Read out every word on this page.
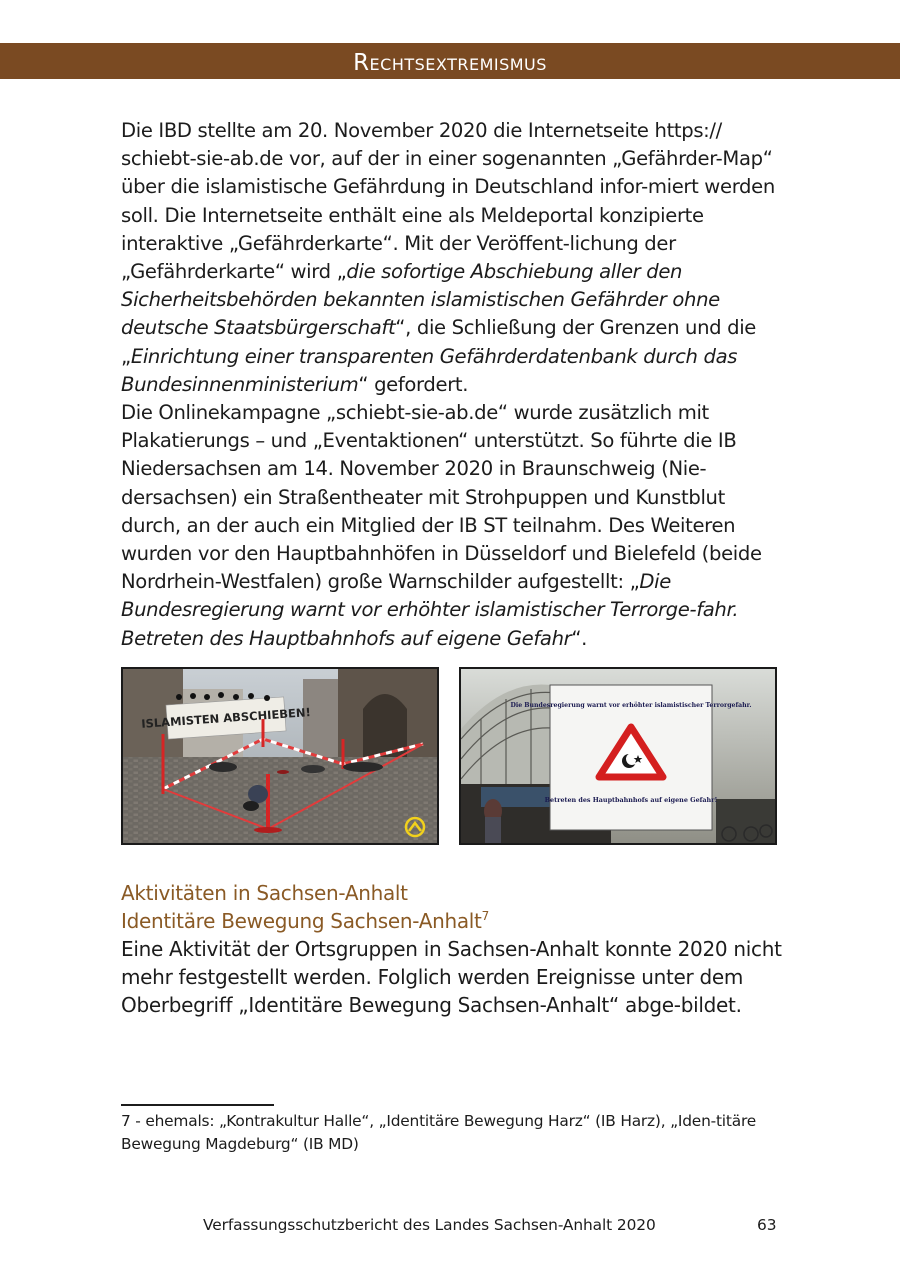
Rechtsextremismus

Die IBD stellte am 20. November 2020 die Internetseite https:// schiebt-sie-ab.de vor, auf der in einer sogenannten „Gefährder-Map“ über die islamistische Gefährdung in Deutschland infor-miert werden soll. Die Internetseite enthält eine als Meldeportal konzipierte interaktive „Gefährderkarte“. Mit der Veröffent-lichung der „Gefährderkarte“ wird „die sofortige Abschiebung aller den Sicherheitsbehörden bekannten islamistischen Gefährder ohne deutsche Staatsbürgerschaft“, die Schließung der Grenzen und die „Einrichtung einer transparenten Gefährderdatenbank durch das Bundesinnenministerium“ gefordert.

Die Onlinekampagne „schiebt-sie-ab.de“ wurde zusätzlich mit Plakatierungs – und „Eventaktionen“ unterstützt. So führte die IB Niedersachsen am 14. November 2020 in Braunschweig (Nie-dersachsen) ein Straßentheater mit Strohpuppen und Kunstblut durch, an der auch ein Mitglied der IB ST teilnahm. Des Weiteren wurden vor den Hauptbahnhöfen in Düsseldorf und Bielefeld (beide Nordrhein-Westfalen) große Warnschilder aufgestellt: „Die Bundesregierung warnt vor erhöhter islamistischer Terrorge-fahr. Betreten des Hauptbahnhofs auf eigene Gefahr“.

ISLAMISTEN ABSCHIEBEN!	Die Bundesregierung warnt vor erhöhter islamistischer Terrorgefahr.
Betreten des Hauptbahnhofs auf eigene Gefahr!
Aktivitäten in Sachsen-Anhalt
Identitäre Bewegung Sachsen-Anhalt$^7$

Eine Aktivität der Ortsgruppen in Sachsen-Anhalt konnte 2020 nicht mehr festgestellt werden. Folglich werden Ereignisse unter dem Oberbegriff „Identitäre Bewegung Sachsen-Anhalt“ abge-bildet.

7 - ehemals: „Kontrakultur Halle“, „Identitäre Bewegung Harz“ (IB Harz), „Iden-titäre Bewegung Magdeburg“ (IB MD)

Verfassungsschutzbericht des Landes Sachsen-Anhalt 2020	63
